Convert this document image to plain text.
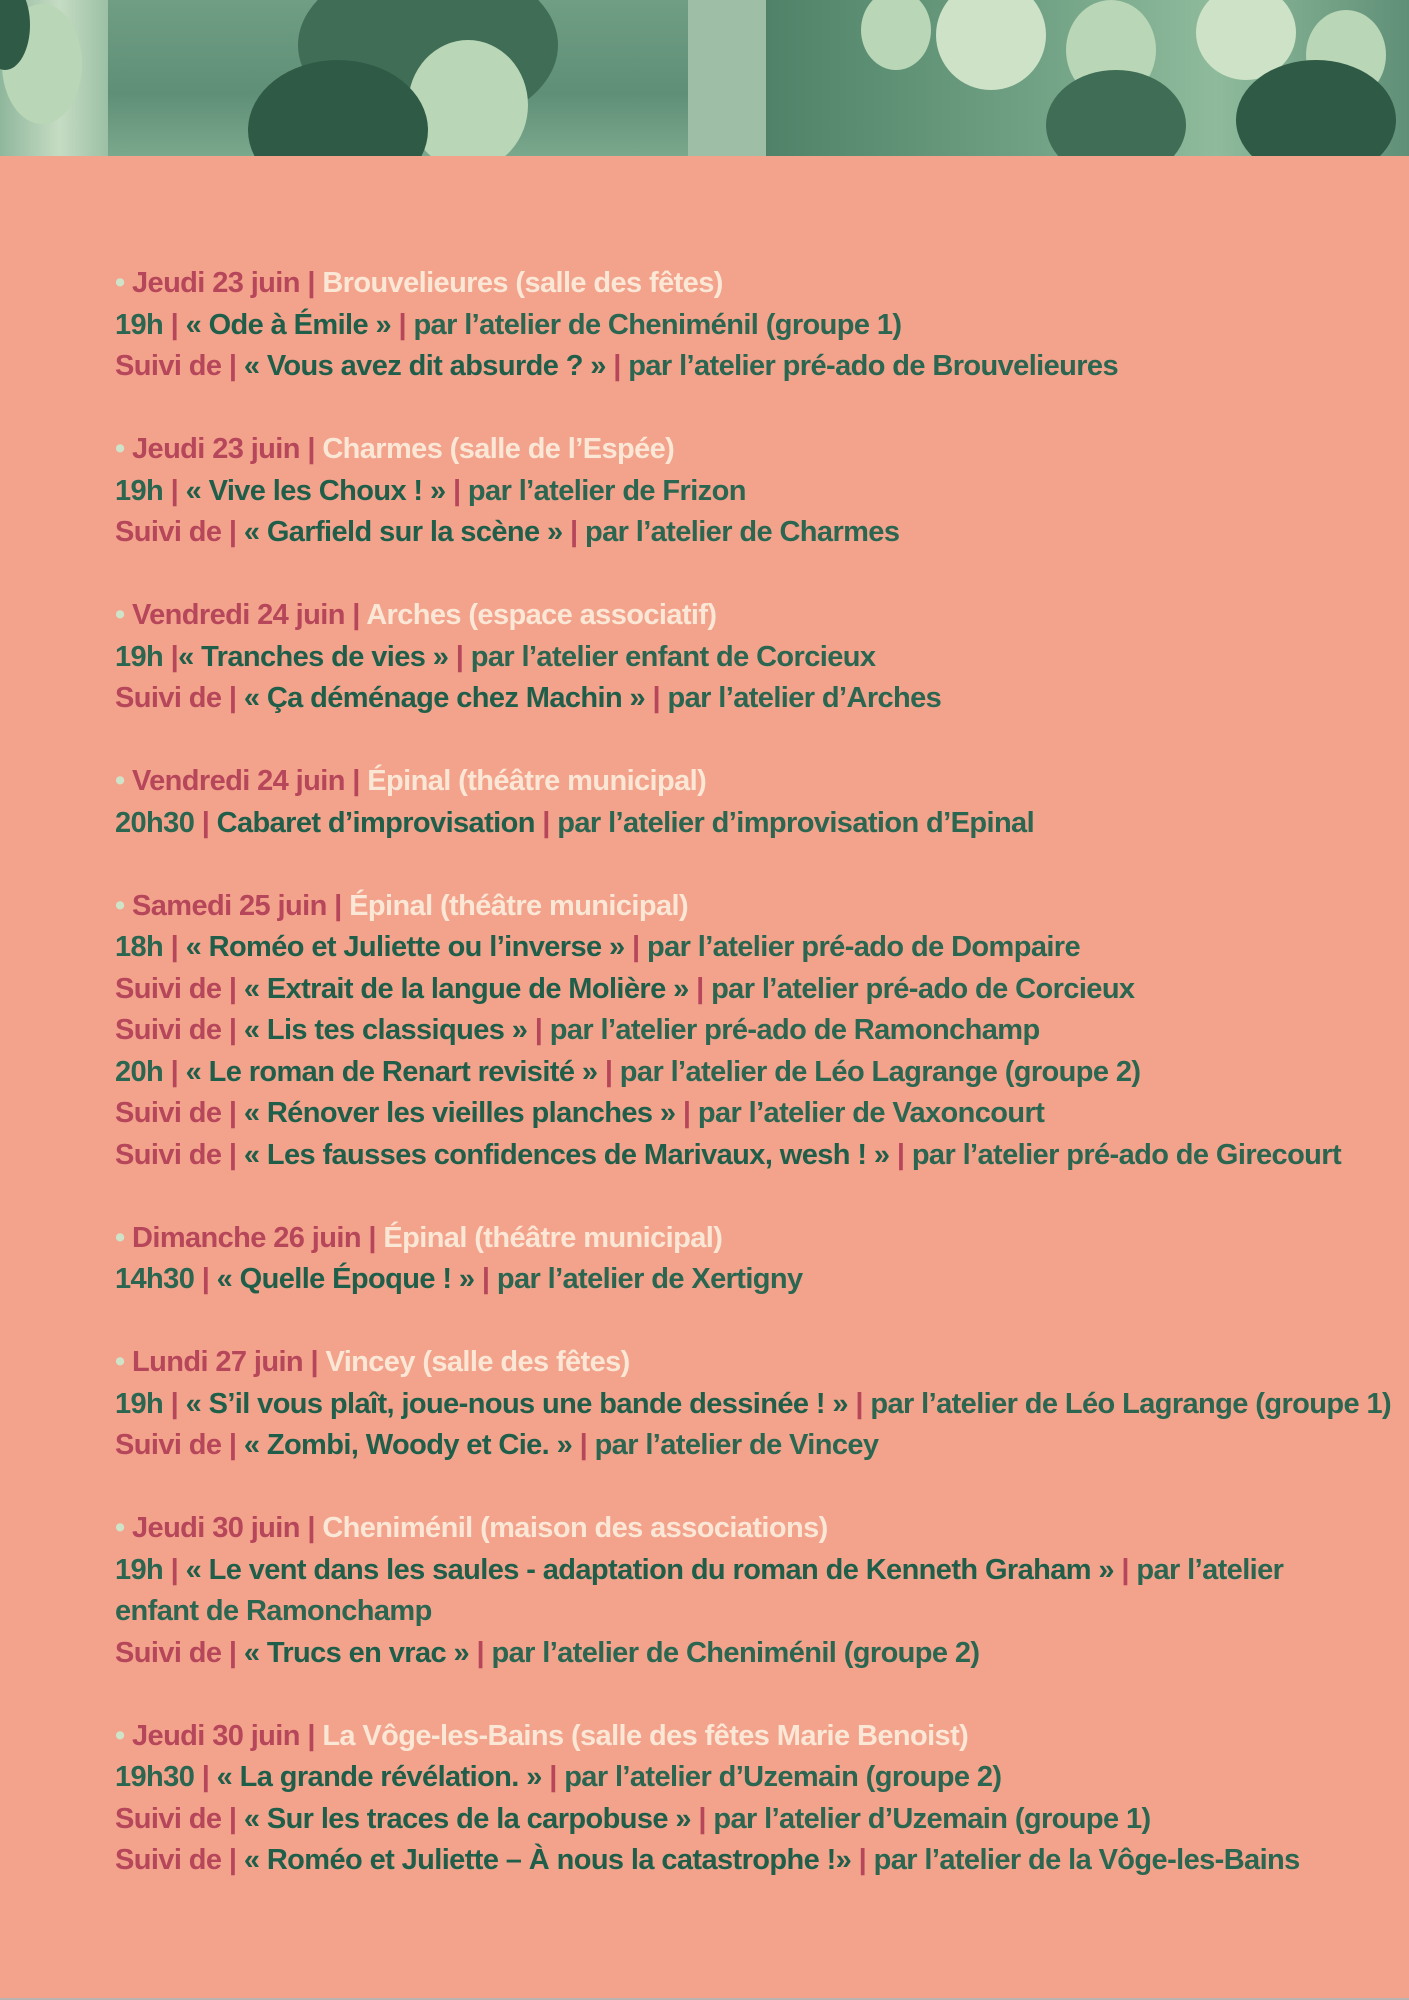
• Jeudi 23 juin | Brouvelieures (salle des fêtes)
19h | « Ode à Émile » | par l’atelier de Cheniménil (groupe 1)
Suivi de | « Vous avez dit absurde ? » | par l’atelier pré-ado de Brouvelieures
• Jeudi 23 juin | Charmes (salle de l’Espée)
19h | « Vive les Choux ! » | par l’atelier de Frizon
Suivi de | « Garfield sur la scène » | par l’atelier de Charmes
• Vendredi 24 juin | Arches (espace associatif)
19h |« Tranches de vies » | par l’atelier enfant de Corcieux
Suivi de | « Ça déménage chez Machin » | par l’atelier d’Arches
• Vendredi 24 juin | Épinal (théâtre municipal)
20h30 | Cabaret d’improvisation | par l’atelier d’improvisation d’Epinal
• Samedi 25 juin | Épinal (théâtre municipal)
18h | « Roméo et Juliette ou l’inverse » | par l’atelier pré-ado de Dompaire
Suivi de | « Extrait de la langue de Molière » | par l’atelier pré-ado de Corcieux
Suivi de | « Lis tes classiques » | par l’atelier pré-ado de Ramonchamp
20h | « Le roman de Renart revisité » | par l’atelier de Léo Lagrange (groupe 2)
Suivi de | « Rénover les vieilles planches » | par l’atelier de Vaxoncourt
Suivi de | « Les fausses confidences de Marivaux, wesh ! » | par l’atelier pré-ado de Girecourt
• Dimanche 26 juin | Épinal (théâtre municipal)
14h30 | « Quelle Époque ! » | par l’atelier de Xertigny
• Lundi 27 juin | Vincey (salle des fêtes)
19h | « S’il vous plaît, joue-nous une bande dessinée ! » | par l’atelier de Léo Lagrange (groupe 1)
Suivi de | « Zombi, Woody et Cie. » | par l’atelier de Vincey
• Jeudi 30 juin | Cheniménil (maison des associations)
19h | « Le vent dans les saules - adaptation du roman de Kenneth Graham » | par l’atelier enfant de Ramonchamp
Suivi de | « Trucs en vrac » | par l’atelier de Cheniménil (groupe 2)
• Jeudi 30 juin | La Vôge-les-Bains (salle des fêtes Marie Benoist)
19h30 | « La grande révélation. » | par l’atelier d’Uzemain (groupe 2)
Suivi de | « Sur les traces de la carpobuse » | par l’atelier d’Uzemain (groupe 1)
Suivi de | « Roméo et Juliette – À nous la catastrophe !» | par l’atelier de la Vôge-les-Bains
